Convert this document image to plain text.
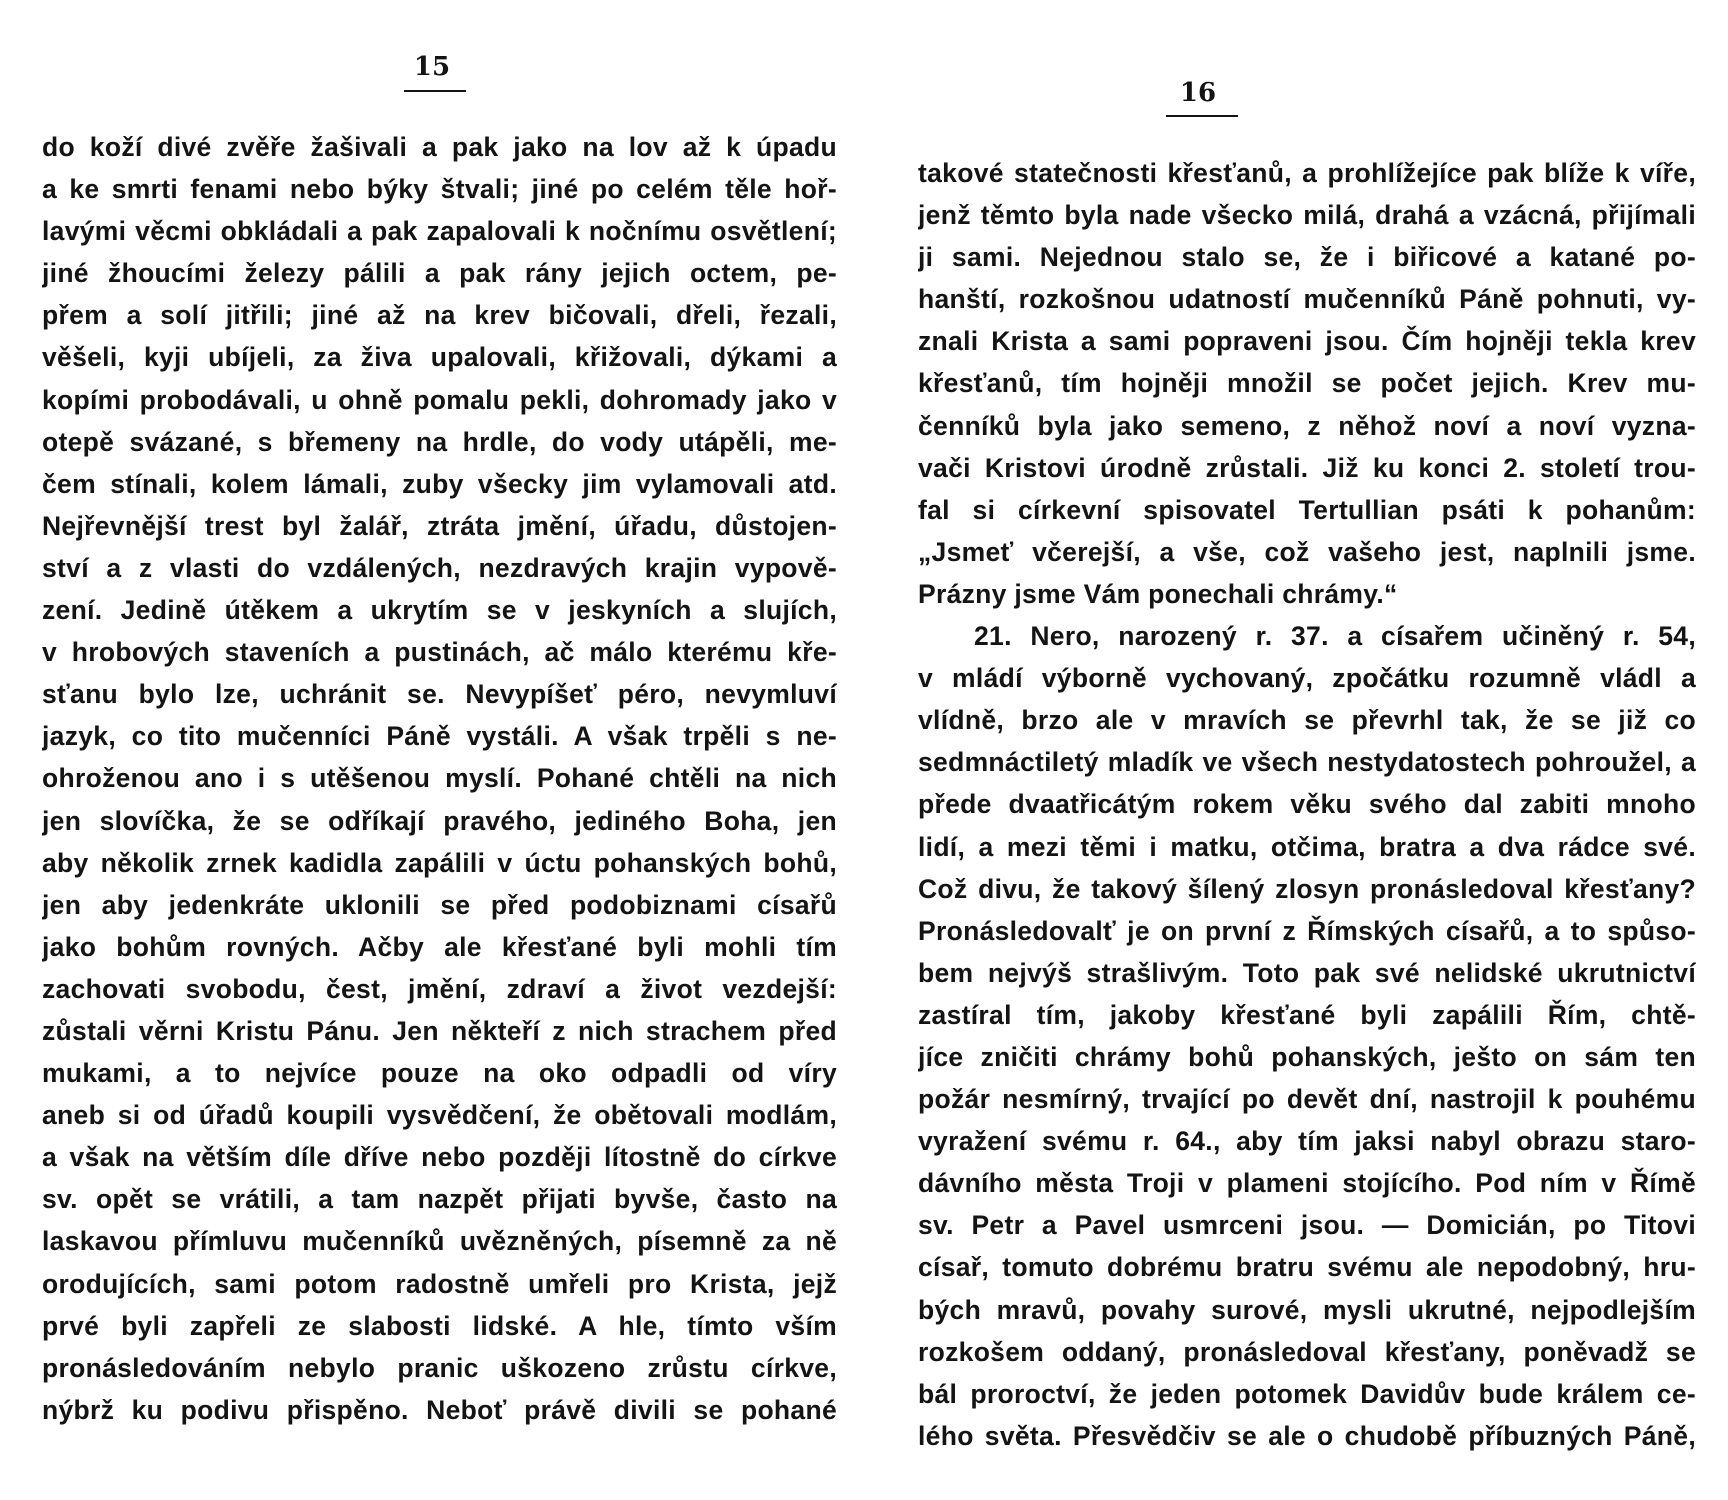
15
do koží divé zvěře žašivali a pak jako na lov až k úpadu
a ke smrti fenami nebo býky štvali; jiné po celém těle hoř-
lavými věcmi obkládali a pak zapalovali k nočnímu osvětlení;
jiné žhoucími železy pálili a pak rány jejich octem, pe-
přem a solí jitřili; jiné až na krev bičovali, dřeli, řezali,
věšeli, kyji ubíjeli, za živa upalovali, křižovali, dýkami a
kopími probodávali, u ohně pomalu pekli, dohromady jako v
otepě svázané, s břemeny na hrdle, do vody utápěli, me-
čem stínali, kolem lámali, zuby všecky jim vylamovali atd.
Nejřevnější trest byl žalář, ztráta jmění, úřadu, důstojen-
ství a z vlasti do vzdálených, nezdravých krajin vypově-
zení. Jedině útěkem a ukrytím se v jeskyních a slujích,
v hrobových staveních a pustinách, ač málo kterému kře-
sťanu bylo lze, uchránit se. Nevypíšeť péro, nevymluví
jazyk, co tito mučenníci Páně vystáli. A však trpěli s ne-
ohroženou ano i s utěšenou myslí. Pohané chtěli na nich
jen slovíčka, že se odříkají pravého, jediného Boha, jen
aby několik zrnek kadidla zapálili v úctu pohanských bohů,
jen aby jedenkráte uklonili se před podobiznami císařů
jako bohům rovných. Ačby ale křesťané byli mohli tím
zachovati svobodu, čest, jmění, zdraví a život vezdejší:
zůstali věrni Kristu Pánu. Jen někteří z nich strachem před
mukami, a to nejvíce pouze na oko odpadli od víry
aneb si od úřadů koupili vysvědčení, že obětovali modlám,
a však na větším díle dříve nebo později lítostně do církve
sv. opět se vrátili, a tam nazpět přijati byvše, často na
laskavou přímluvu mučenníků uvězněných, písemně za ně
orodujících, sami potom radostně umřeli pro Krista, jejž
prvé byli zapřeli ze slabosti lidské. A hle, tímto vším
pronásledováním nebylo pranic uškozeno zrůstu církve,
nýbrž ku podivu přispěno. Neboť právě divili se pohané
16
takové statečnosti křesťanů, a prohlížejíce pak blíže k víře,
jenž těmto byla nade všecko milá, drahá a vzácná, přijímali
ji sami. Nejednou stalo se, že i biřicové a katané po-
hanští, rozkošnou udatností mučenníků Páně pohnuti, vy-
znali Krista a sami popraveni jsou. Čím hojněji tekla krev
křesťanů, tím hojněji množil se počet jejich. Krev mu-
čenníků byla jako semeno, z něhož noví a noví vyzna-
vači Kristovi úrodně zrůstali. Již ku konci 2. století trou-
fal si církevní spisovatel Tertullian psáti k pohanům:
„Jsmeť včerejší, a vše, což vašeho jest, naplnili jsme.
Prázny jsme Vám ponechali chrámy.“
21. Nero, narozený r. 37. a císařem učiněný r. 54,
v mládí výborně vychovaný, zpočátku rozumně vládl a
vlídně, brzo ale v mravích se převrhl tak, že se již co
sedmnáctiletý mladík ve všech nestydatostech pohroužel, a
přede dvaatřicátým rokem věku svého dal zabiti mnoho
lidí, a mezi těmi i matku, otčima, bratra a dva rádce své.
Což divu, že takový šílený zlosyn pronásledoval křesťany?
Pronásledovalť je on první z Římských císařů, a to spůso-
bem nejvýš strašlivým. Toto pak své nelidské ukrutnictví
zastíral tím, jakoby křesťané byli zapálili Řím, chtě-
jíce zničiti chrámy bohů pohanských, ješto on sám ten
požár nesmírný, trvající po devět dní, nastrojil k pouhému
vyražení svému r. 64., aby tím jaksi nabyl obrazu staro-
dávního města Troji v plameni stojícího. Pod ním v Římě
sv. Petr a Pavel usmrceni jsou. — Domicián, po Titovi
císař, tomuto dobrému bratru svému ale nepodobný, hru-
bých mravů, povahy surové, mysli ukrutné, nejpodlejším
rozkošem oddaný, pronásledoval křesťany, poněvadž se
bál proroctví, že jeden potomek Davidův bude králem ce-
lého světa. Přesvědčiv se ale o chudobě příbuzných Páně,
